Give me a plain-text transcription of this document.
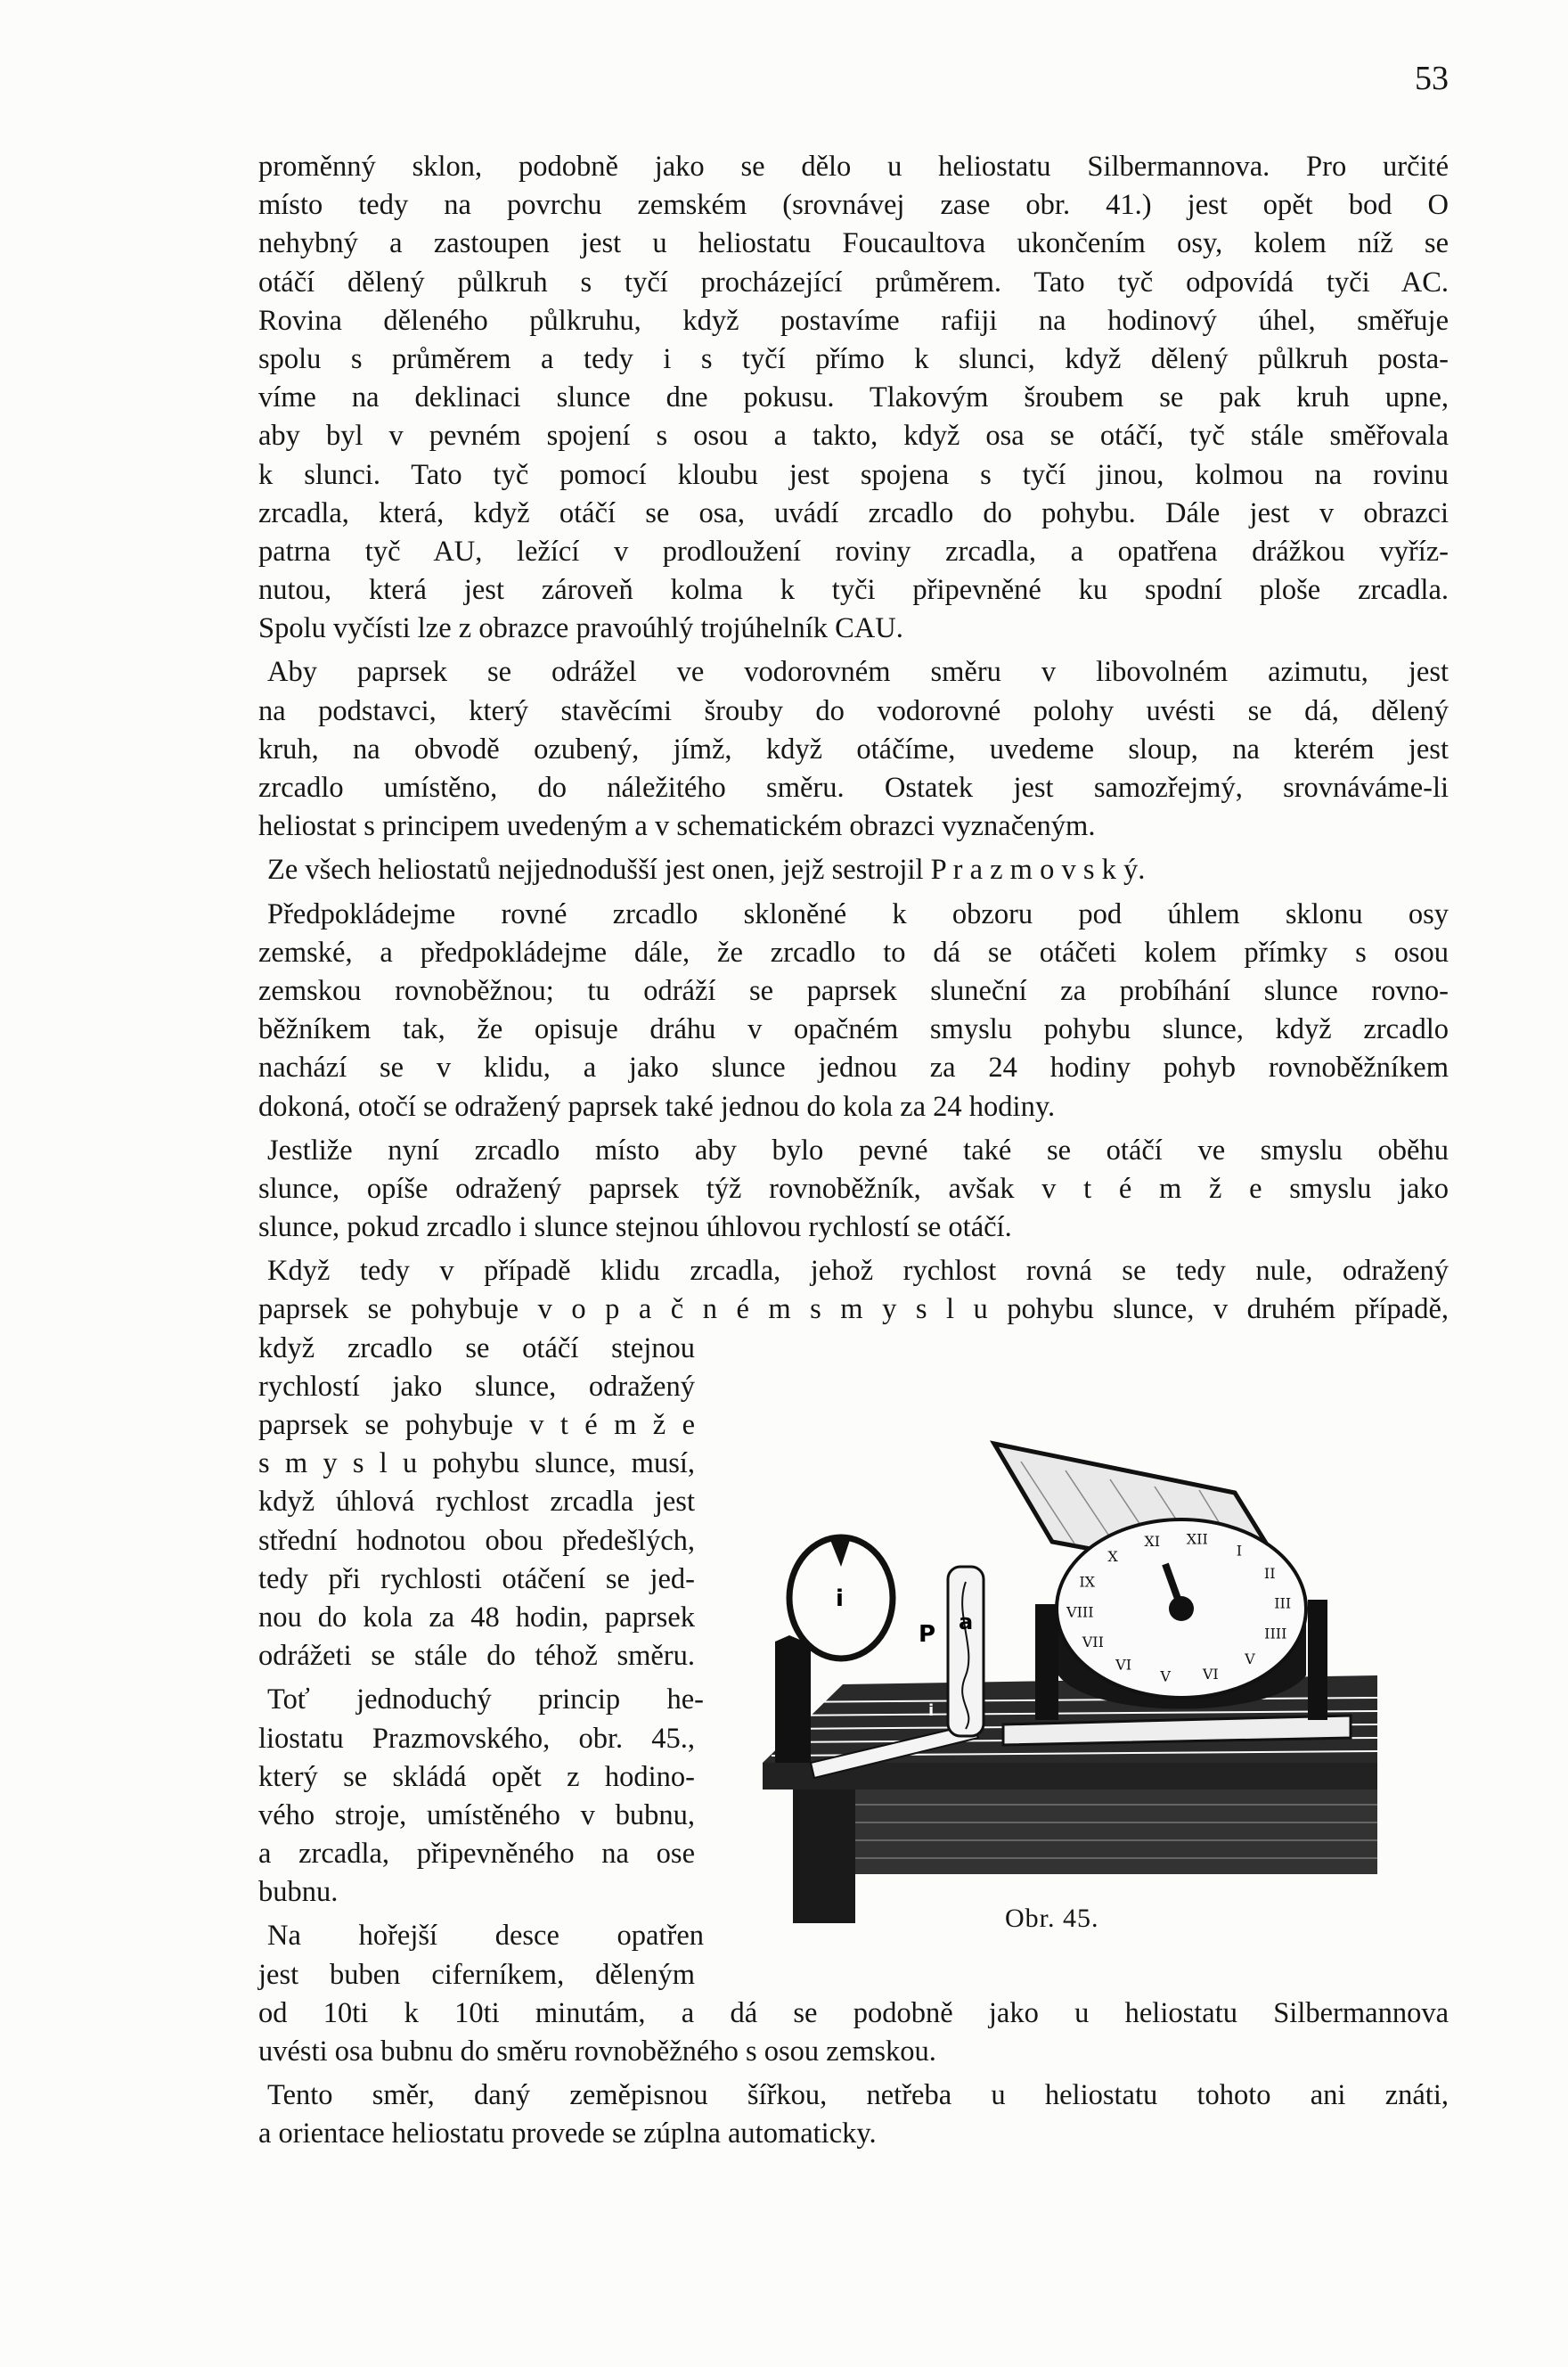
53
proměnný sklon, podobně jako se dělo u heliostatu Silbermannova. Pro určité
místo tedy na povrchu zemském (srovnávej zase obr. 41.) jest opět bod O
nehybný a zastoupen jest u heliostatu Foucaultova ukončením osy, kolem níž se
otáčí dělený půlkruh s tyčí procházející průměrem. Tato tyč odpovídá tyči AC.
Rovina děleného půlkruhu, když postavíme rafiji na hodinový úhel, směřuje
spolu s průměrem a tedy i s tyčí přímo k slunci, když dělený půlkruh posta-
víme na deklinaci slunce dne pokusu. Tlakovým šroubem se pak kruh upne,
aby byl v pevném spojení s osou a takto, když osa se otáčí, tyč stále směřovala
k slunci. Tato tyč pomocí kloubu jest spojena s tyčí jinou, kolmou na rovinu
zrcadla, která, když otáčí se osa, uvádí zrcadlo do pohybu. Dále jest v obrazci
patrna tyč AU, ležící v prodloužení roviny zrcadla, a opatřena drážkou vyříz-
nutou, která jest zároveň kolma k tyči připevněné ku spodní ploše zrcadla.
Spolu vyčísti lze z obrazce pravoúhlý trojúhelník CAU.
Aby paprsek se odrážel ve vodorovném směru v libovolném azimutu, jest
na podstavci, který stavěcími šrouby do vodorovné polohy uvésti se dá, dělený
kruh, na obvodě ozubený, jímž, když otáčíme, uvedeme sloup, na kterém jest
zrcadlo umístěno, do náležitého směru. Ostatek jest samozřejmý, srovnáváme-li
heliostat s principem uvedeným a v schematickém obrazci vyznačeným.
Ze všech heliostatů nejjednodušší jest onen, jejž sestrojil P r a z m o v s k ý.
Předpokládejme rovné zrcadlo skloněné k obzoru pod úhlem sklonu osy
zemské, a předpokládejme dále, že zrcadlo to dá se otáčeti kolem přímky s osou
zemskou rovnoběžnou; tu odráží se paprsek sluneční za probíhání slunce rovno-
běžníkem tak, že opisuje dráhu v opačném smyslu pohybu slunce, když zrcadlo
nachází se v klidu, a jako slunce jednou za 24 hodiny pohyb rovnoběžníkem
dokoná, otočí se odražený paprsek také jednou do kola za 24 hodiny.
Jestliže nyní zrcadlo místo aby bylo pevné také se otáčí ve smyslu oběhu
slunce, opíše odražený paprsek týž rovnoběžník, avšak v t é m ž e smyslu jako
slunce, pokud zrcadlo i slunce stejnou úhlovou rychlostí se otáčí.
Když tedy v případě klidu zrcadla, jehož rychlost rovná se tedy nule, odražený
paprsek se pohybuje v o p a č n é m s m y s l u pohybu slunce, v druhém případě,
když zrcadlo se otáčí stejnou
rychlostí jako slunce, odražený
paprsek se pohybuje v t é m ž e
s m y s l u pohybu slunce, musí,
když úhlová rychlost zrcadla jest
střední hodnotou obou předešlých,
tedy při rychlosti otáčení se jed-
nou do kola za 48 hodin, paprsek
odrážeti se stále do téhož směru.
Toť jednoduchý princip he-
liostatu Prazmovského, obr. 45.,
který se skládá opět z hodino-
vého stroje, umístěného v bubnu,
a zrcadla, připevněného na ose
bubnu.
Na hořejší desce opatřen
jest buben ciferníkem, děleným
od 10ti k 10ti minutám, a dá se podobně jako u heliostatu Silbermannova
uvésti osa bubnu do směru rovnoběžného s osou zemskou.
Tento směr, daný zeměpisnou šířkou, netřeba u heliostatu tohoto ani znáti,
a orientace heliostatu provede se zúplna automaticky.
i
a
P
i
c
V
VI
VII
VIII
IX
X
XI XII
I
II
III
IIII
V
VI
Obr. 45.
